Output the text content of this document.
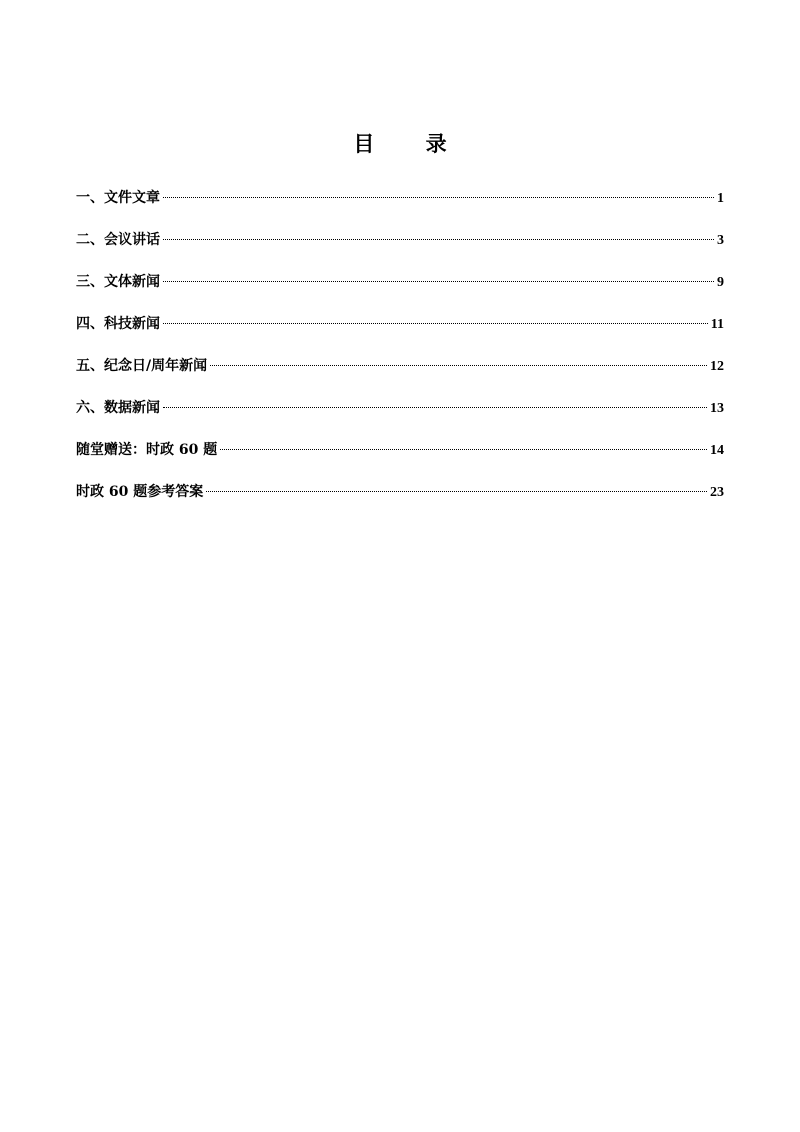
目 录
一、文件文章	1
二、会议讲话	3
三、文体新闻	9
四、科技新闻	11
五、纪念日/周年新闻	12
六、数据新闻	13
随堂赠送：时政 60 题	14
时政 60 题参考答案	23
